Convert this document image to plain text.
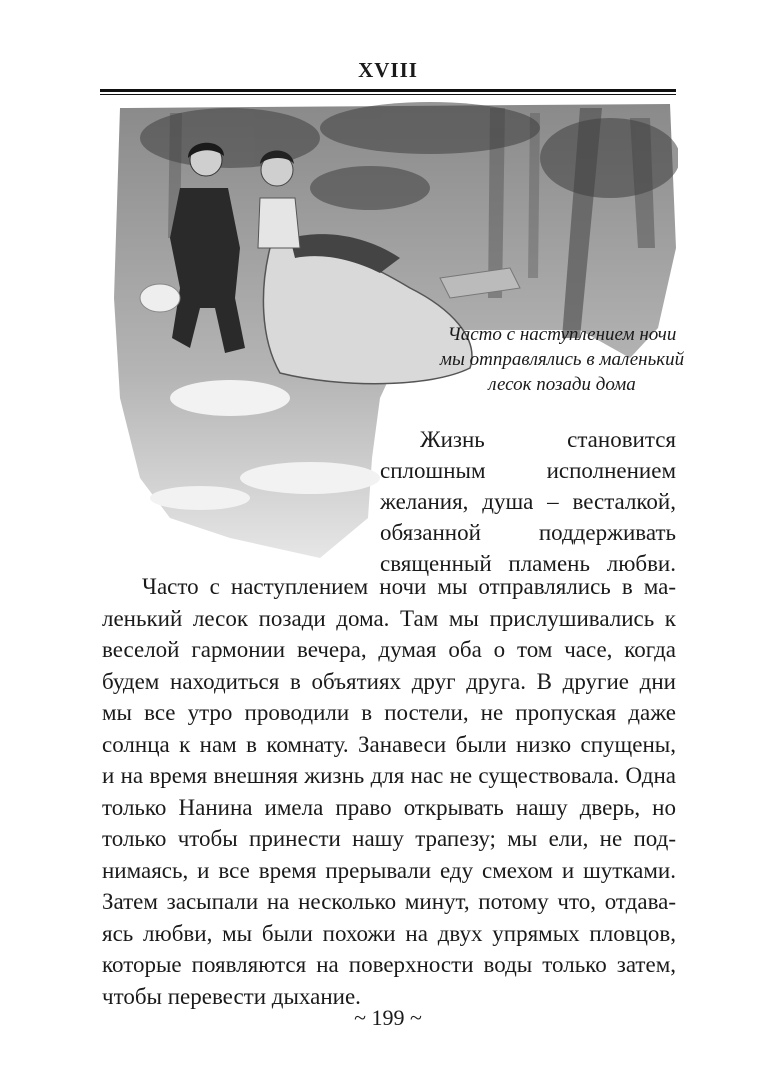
XVIII
Часто с наступлением ночи
мы отправлялись в маленький
лесок позади дома
Жизнь становится
сплошным исполнением
желания, душа – весталкой,
обязанной поддерживать
священный пламень любви.
Часто с наступлением ночи мы отправлялись в ма-
ленький лесок позади дома. Там мы прислушивались к
веселой гармонии вечера, думая оба о том часе, когда
будем находиться в объятиях друг друга. В другие дни
мы все утро проводили в постели, не пропуская даже
солнца к нам в комнату. Занавеси были низко спущены,
и на время внешняя жизнь для нас не существовала. Одна
только Нанина имела право открывать нашу дверь, но
только чтобы принести нашу трапезу; мы ели, не под-
нимаясь, и все время прерывали еду смехом и шутками.
Затем засыпали на несколько минут, потому что, отдава-
ясь любви, мы были похожи на двух упрямых пловцов,
которые появляются на поверхности воды только затем,
чтобы перевести дыхание.
~ 199 ~
